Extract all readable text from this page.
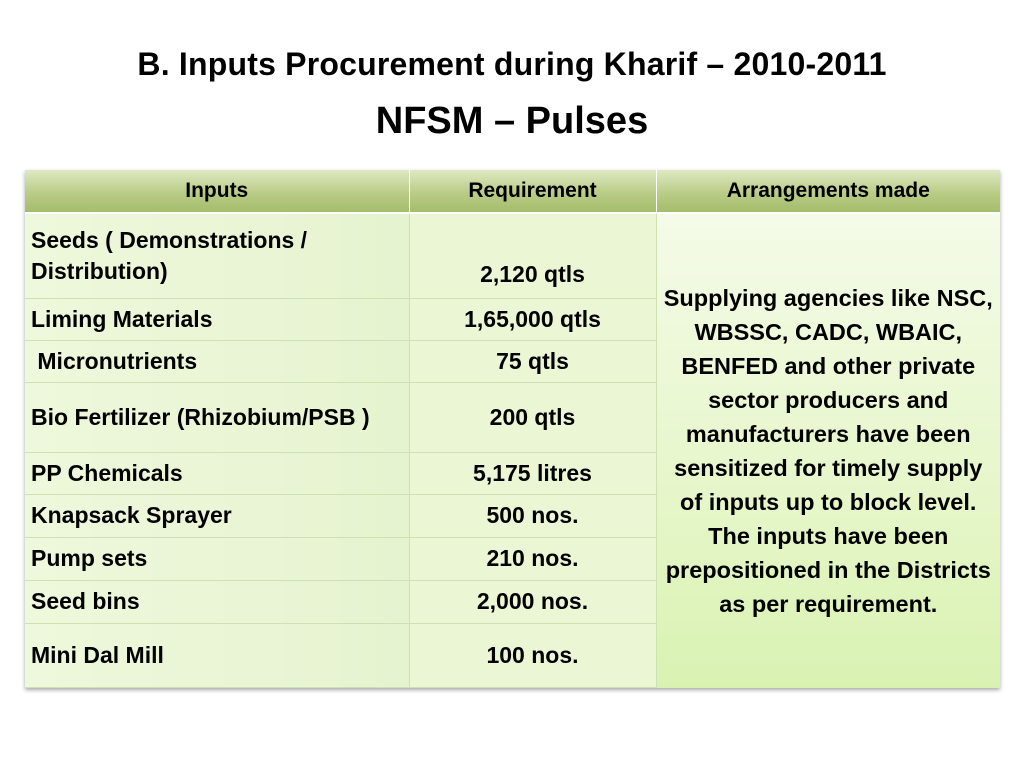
B. Inputs Procurement during Kharif – 2010-2011
NFSM – Pulses
Inputs	Requirement	Arrangements made
Seeds ( Demonstrations / Distribution)	2,120 qtls	Supplying agencies like NSC, WBSSC, CADC, WBAIC, BENFED and other private sector producers and manufacturers have been sensitized for timely supply of inputs up to block level. The inputs have been prepositioned in the Districts as per requirement.
Liming Materials	1,65,000 qtls	
Micronutrients	75 qtls	
Bio Fertilizer (Rhizobium/PSB )	200 qtls	
PP Chemicals	5,175 litres	
Knapsack Sprayer	500 nos.	
Pump sets	210 nos.	
Seed bins	2,000 nos.	
Mini Dal Mill	100 nos.	
